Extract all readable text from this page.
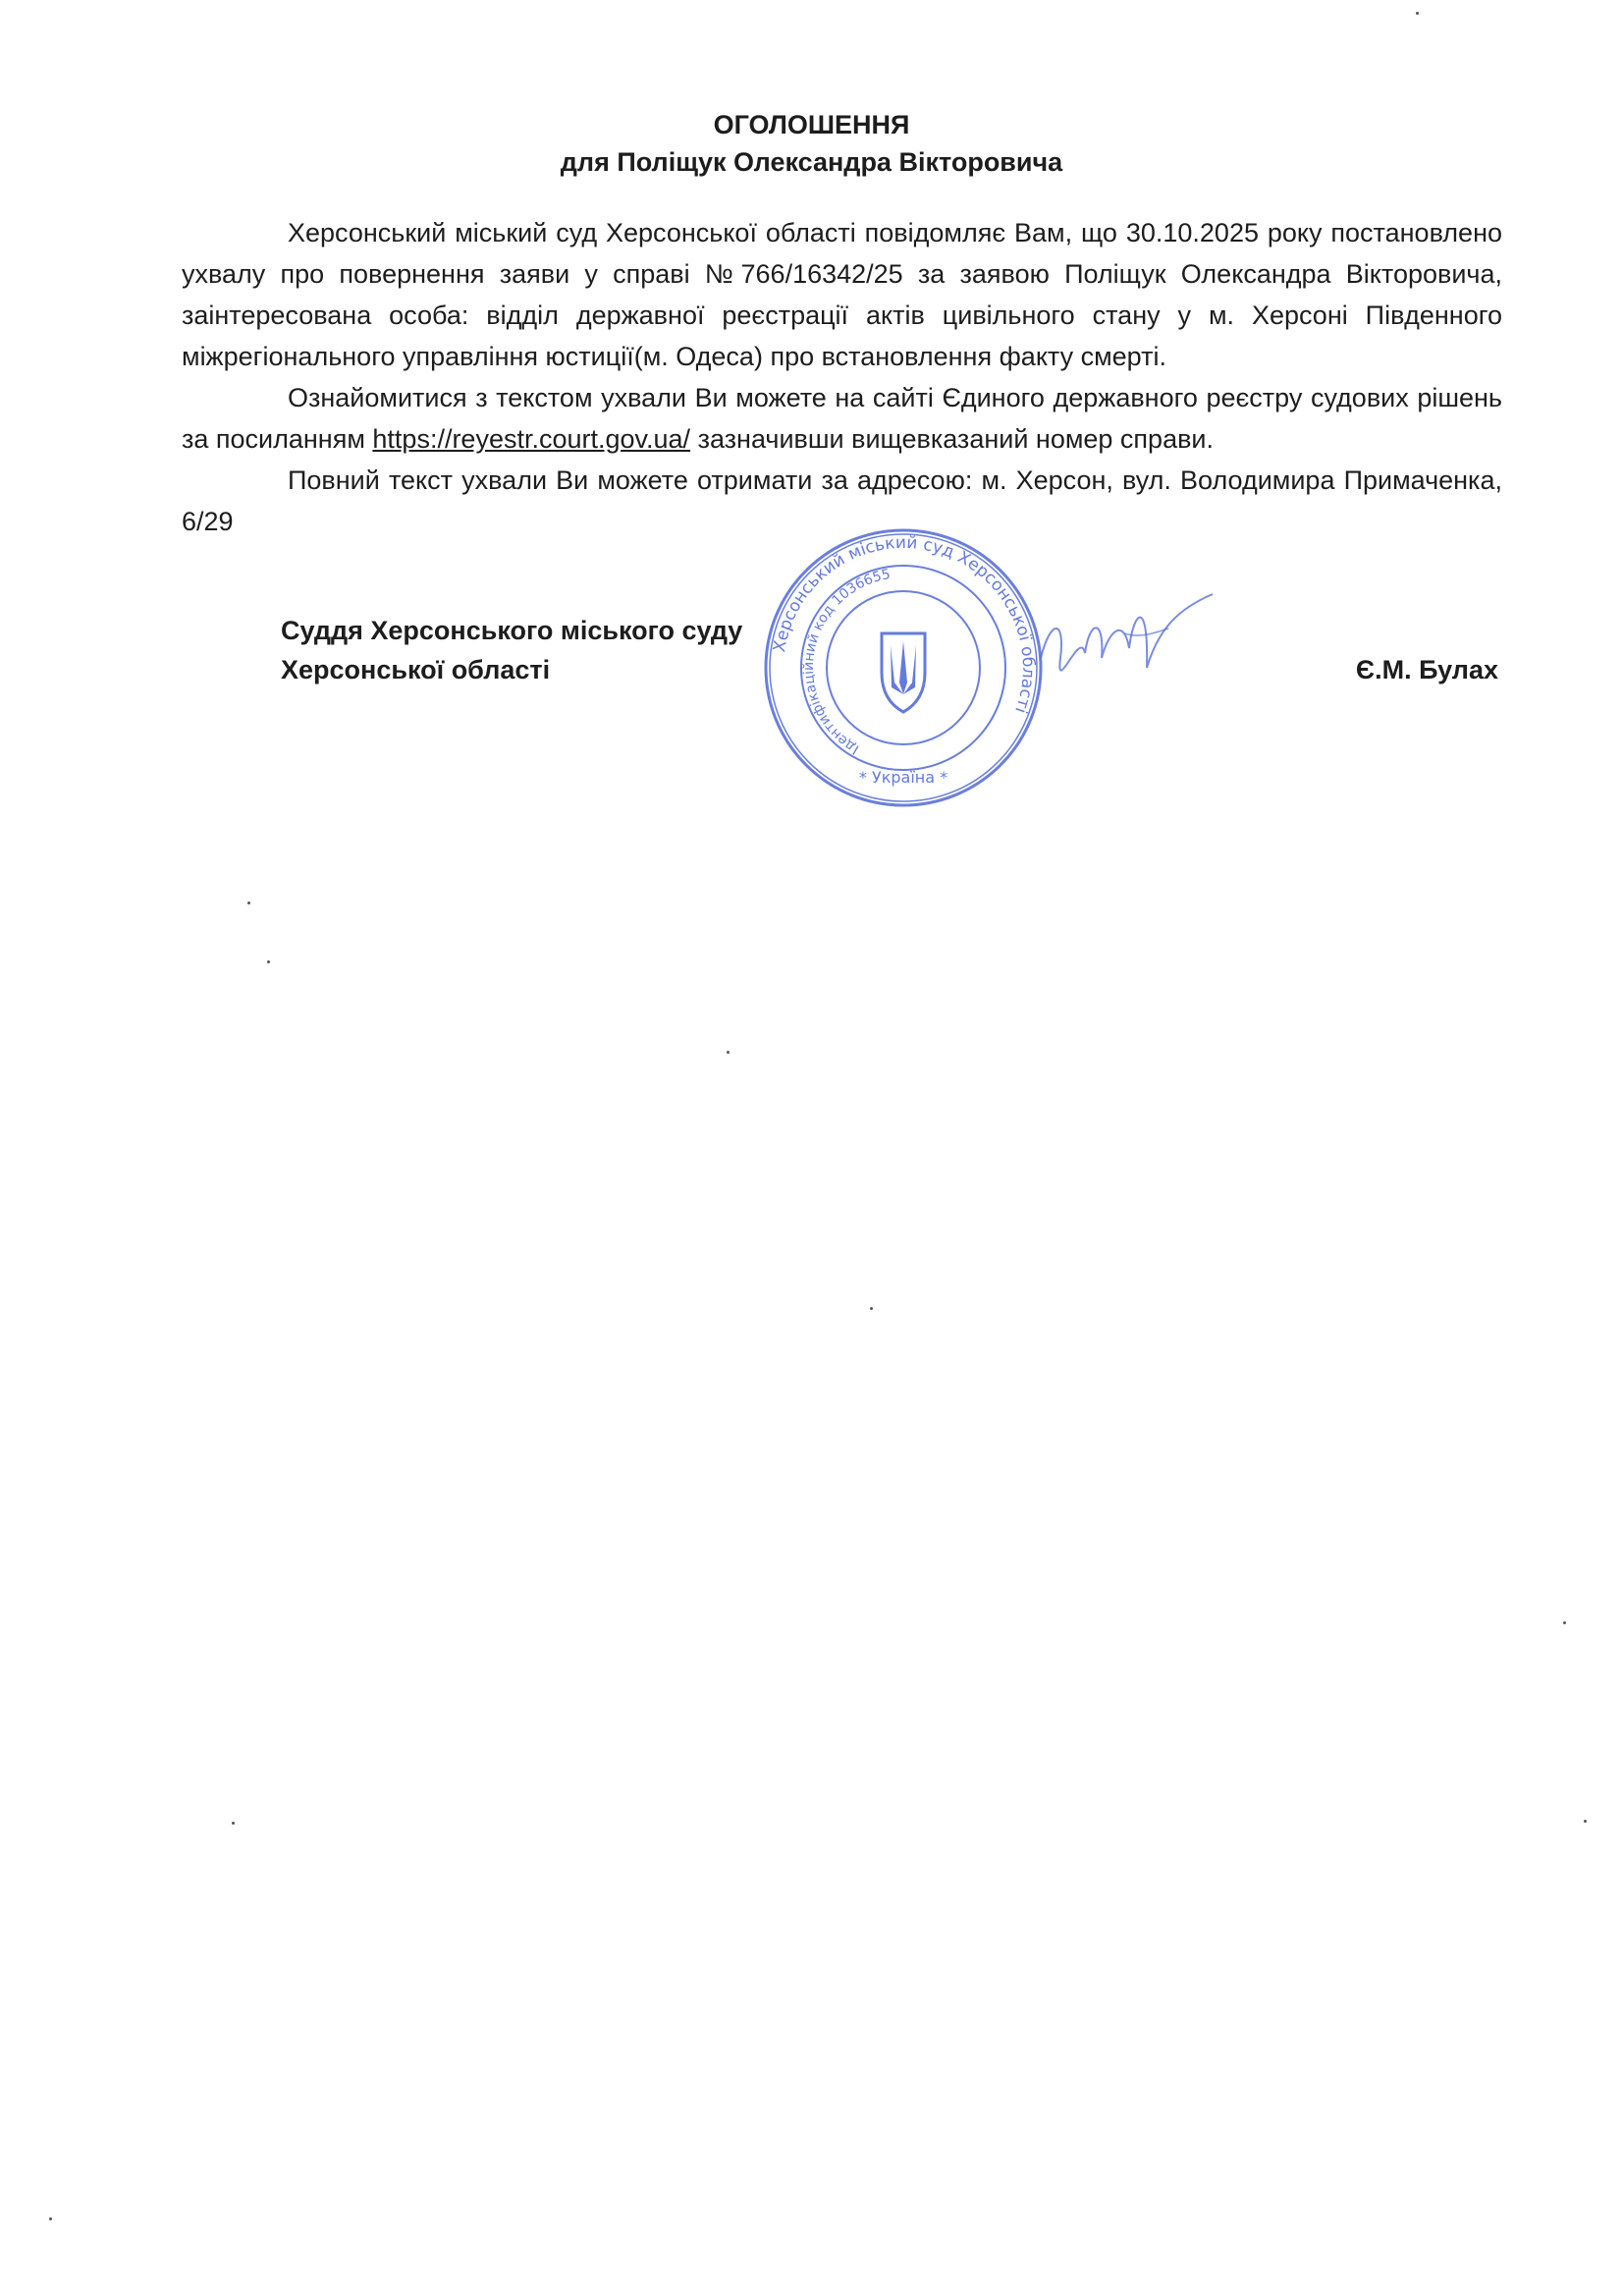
ОГОЛОШЕННЯ
для Поліщук Олександра Вікторовича

Херсонський міський суд Херсонської області повідомляє Вам, що 30.10.2025 року постановлено ухвалу про повернення заяви у справі №766/16342/25 за заявою Поліщук Олександра Вікторовича, заінтересована особа: відділ державної реєстрації актів цивільного стану у м. Херсоні Південного міжрегіонального управління юстиції(м. Одеса) про встановлення факту смерті.

Ознайомитися з текстом ухвали Ви можете на сайті Єдиного державного реєстру судових рішень за посиланням https://reyestr.court.gov.ua/ зазначивши вищевказаний номер справи.

Повний текст ухвали Ви можете отримати за адресою: м. Херсон, вул. Володимира Примаченка, 6/29

Суддя Херсонського міського суду
Херсонської області	Є.М. Булах
Херсонський міський суд Херсонської області
Ідентифікаційний код 1036655
* Україна *
